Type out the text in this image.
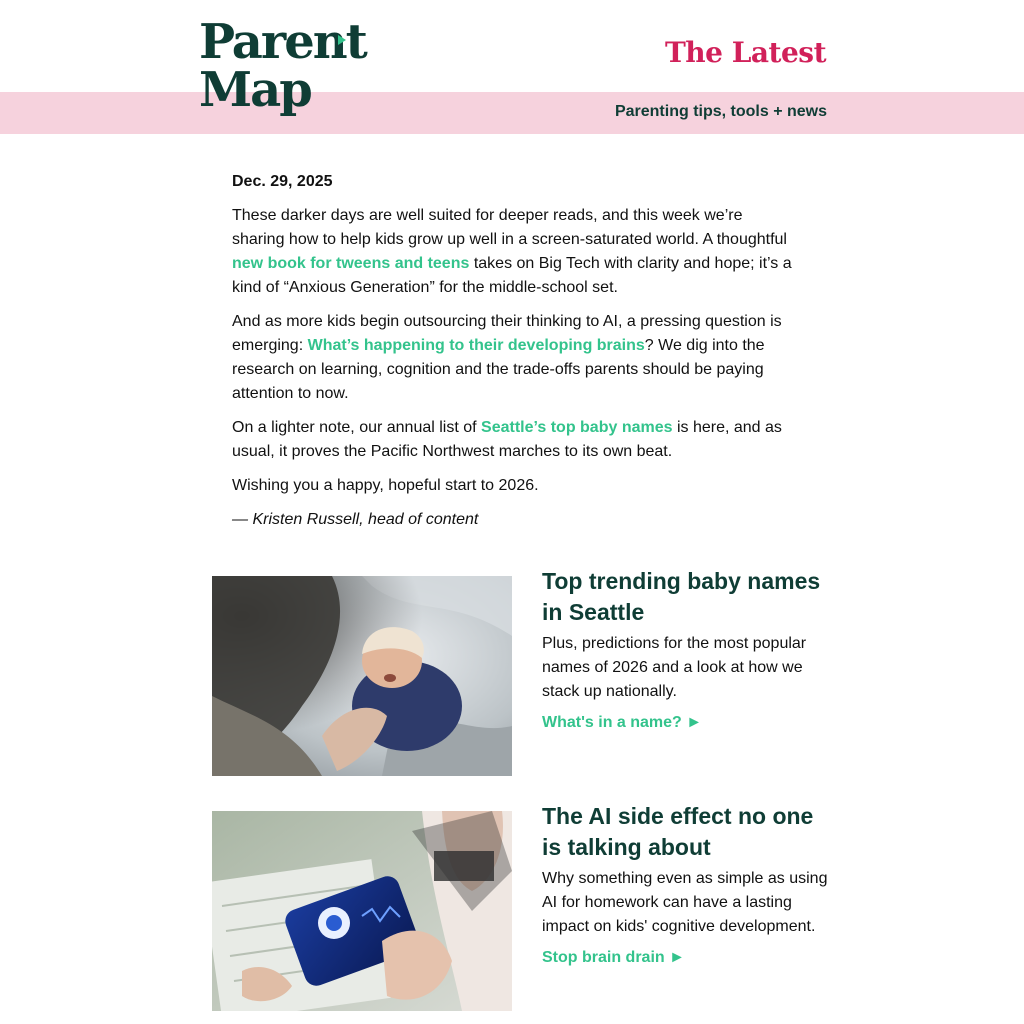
Parent
Map
The Latest
Parenting tips, tools + news

Dec. 29, 2025

These darker days are well suited for deeper reads, and this week we’re sharing how to help kids grow up well in a screen-saturated world. A thoughtful new book for tweens and teens takes on Big Tech with clarity and hope; it’s a kind of “Anxious Generation” for the middle-school set.

And as more kids begin outsourcing their thinking to AI, a pressing question is emerging: What’s happening to their developing brains? We dig into the research on learning, cognition and the trade-offs parents should be paying attention to now.

On a lighter note, our annual list of Seattle’s top baby names is here, and as usual, it proves the Pacific Northwest marches to its own beat.

Wishing you a happy, hopeful start to 2026.

— Kristen Russell, head of content

Top trending baby names in Seattle

Plus, predictions for the most popular names of 2026 and a look at how we stack up nationally.

What's in a name? ►
The AI side effect no one is talking about

Why something even as simple as using AI for homework can have a lasting impact on kids' cognitive development.

Stop brain drain ►
